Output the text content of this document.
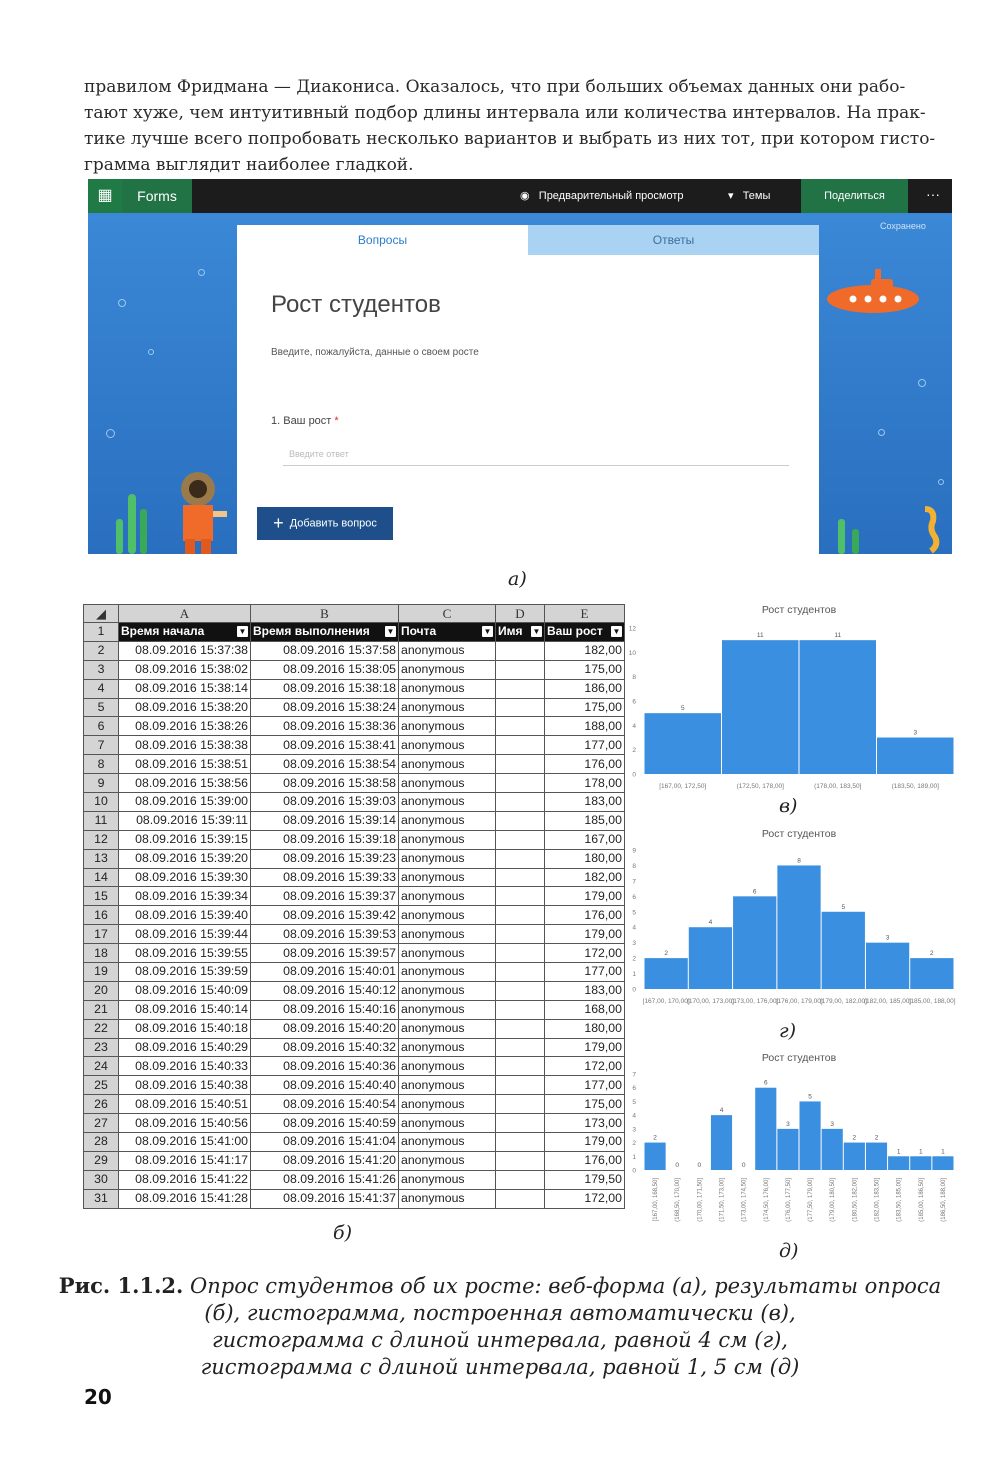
правилом Фридмана — Диакониса. Оказалось, что при больших объемах данных они рабо-
тают хуже, чем интуитивный подбор длины интервала или количества интервалов. На прак-
тике лучше всего попробовать несколько вариантов и выбрать из них тот, при котором гисто-
грамма выглядит наиболее гладкой.
▦	Forms	◉ Предварительный просмотр	▾ Темы	Поделиться	···
Вопросы	Ответы
Сохранено
Рост студентов
Введите, пожалуйста, данные о своем росте
1. Ваш рост *
Введите ответ
+ Добавить вопрос
а)
◢	A	B	C	D	E
1	Время начала ▼	Время выполнения ▼	Почта ▼	Имя ▼	Ваш рост ▼

2	08.09.2016 15:37:38	08.09.2016 15:37:58	anonymous		182,00
3	08.09.2016 15:38:02	08.09.2016 15:38:05	anonymous		175,00
4	08.09.2016 15:38:14	08.09.2016 15:38:18	anonymous		186,00
5	08.09.2016 15:38:20	08.09.2016 15:38:24	anonymous		175,00
6	08.09.2016 15:38:26	08.09.2016 15:38:36	anonymous		188,00
7	08.09.2016 15:38:38	08.09.2016 15:38:41	anonymous		177,00
8	08.09.2016 15:38:51	08.09.2016 15:38:54	anonymous		176,00
9	08.09.2016 15:38:56	08.09.2016 15:38:58	anonymous		178,00
10	08.09.2016 15:39:00	08.09.2016 15:39:03	anonymous		183,00
11	08.09.2016 15:39:11	08.09.2016 15:39:14	anonymous		185,00
12	08.09.2016 15:39:15	08.09.2016 15:39:18	anonymous		167,00
13	08.09.2016 15:39:20	08.09.2016 15:39:23	anonymous		180,00
14	08.09.2016 15:39:30	08.09.2016 15:39:33	anonymous		182,00
15	08.09.2016 15:39:34	08.09.2016 15:39:37	anonymous		179,00
16	08.09.2016 15:39:40	08.09.2016 15:39:42	anonymous		176,00
17	08.09.2016 15:39:44	08.09.2016 15:39:53	anonymous		179,00
18	08.09.2016 15:39:55	08.09.2016 15:39:57	anonymous		172,00
19	08.09.2016 15:39:59	08.09.2016 15:40:01	anonymous		177,00
20	08.09.2016 15:40:09	08.09.2016 15:40:12	anonymous		183,00
21	08.09.2016 15:40:14	08.09.2016 15:40:16	anonymous		168,00
22	08.09.2016 15:40:18	08.09.2016 15:40:20	anonymous		180,00
23	08.09.2016 15:40:29	08.09.2016 15:40:32	anonymous		179,00
24	08.09.2016 15:40:33	08.09.2016 15:40:36	anonymous		172,00
25	08.09.2016 15:40:38	08.09.2016 15:40:40	anonymous		177,00
26	08.09.2016 15:40:51	08.09.2016 15:40:54	anonymous		175,00
27	08.09.2016 15:40:56	08.09.2016 15:40:59	anonymous		173,00
28	08.09.2016 15:41:00	08.09.2016 15:41:04	anonymous		179,00
29	08.09.2016 15:41:17	08.09.2016 15:41:20	anonymous		176,00
30	08.09.2016 15:41:22	08.09.2016 15:41:26	anonymous		179,50
31	08.09.2016 15:41:28	08.09.2016 15:41:37	anonymous		172,00
б)
Рост студентов
0
2
4
6
8
10
12
5
11	11
3
[167,00, 172,50]	(172,50, 178,00]	(178,00, 183,50]	(183,50, 189,00]
в)
Рост студентов
0
1
2
3
4
5
6
7
8
9
2
4
6
8
5
3
2
[167,00, 170,00]
(170,00, 173,00]
(173,00, 176,00]
(176,00, 179,00]
(179,00, 182,00]
(182,00, 185,00]
(185,00, 188,00]
г)
Рост студентов
0
1
2
3
4
5
6
7
2
0	0
4
0
6
3
5
3
2	2
1	1	1
[167,00, 168,50]	(168,50, 170,00]	(170,00, 171,50]	(171,50, 173,00]	(173,00, 174,50]	(174,50, 176,00]	(176,00, 177,50]	(177,50, 179,00]	(179,00, 180,50]	(180,50, 182,00]	(182,00, 183,50]	(183,50, 185,00]	(185,00, 186,50]	(186,50, 188,00]
д)
Рис. 1.1.2. Опрос студентов об их росте: веб-форма (а), результаты опроса
(б), гистограмма, построенная автоматически (в),
гистограмма с длиной интервала, равной 4 см (г),
гистограмма с длиной интервала, равной 1, 5 см (д)
20
